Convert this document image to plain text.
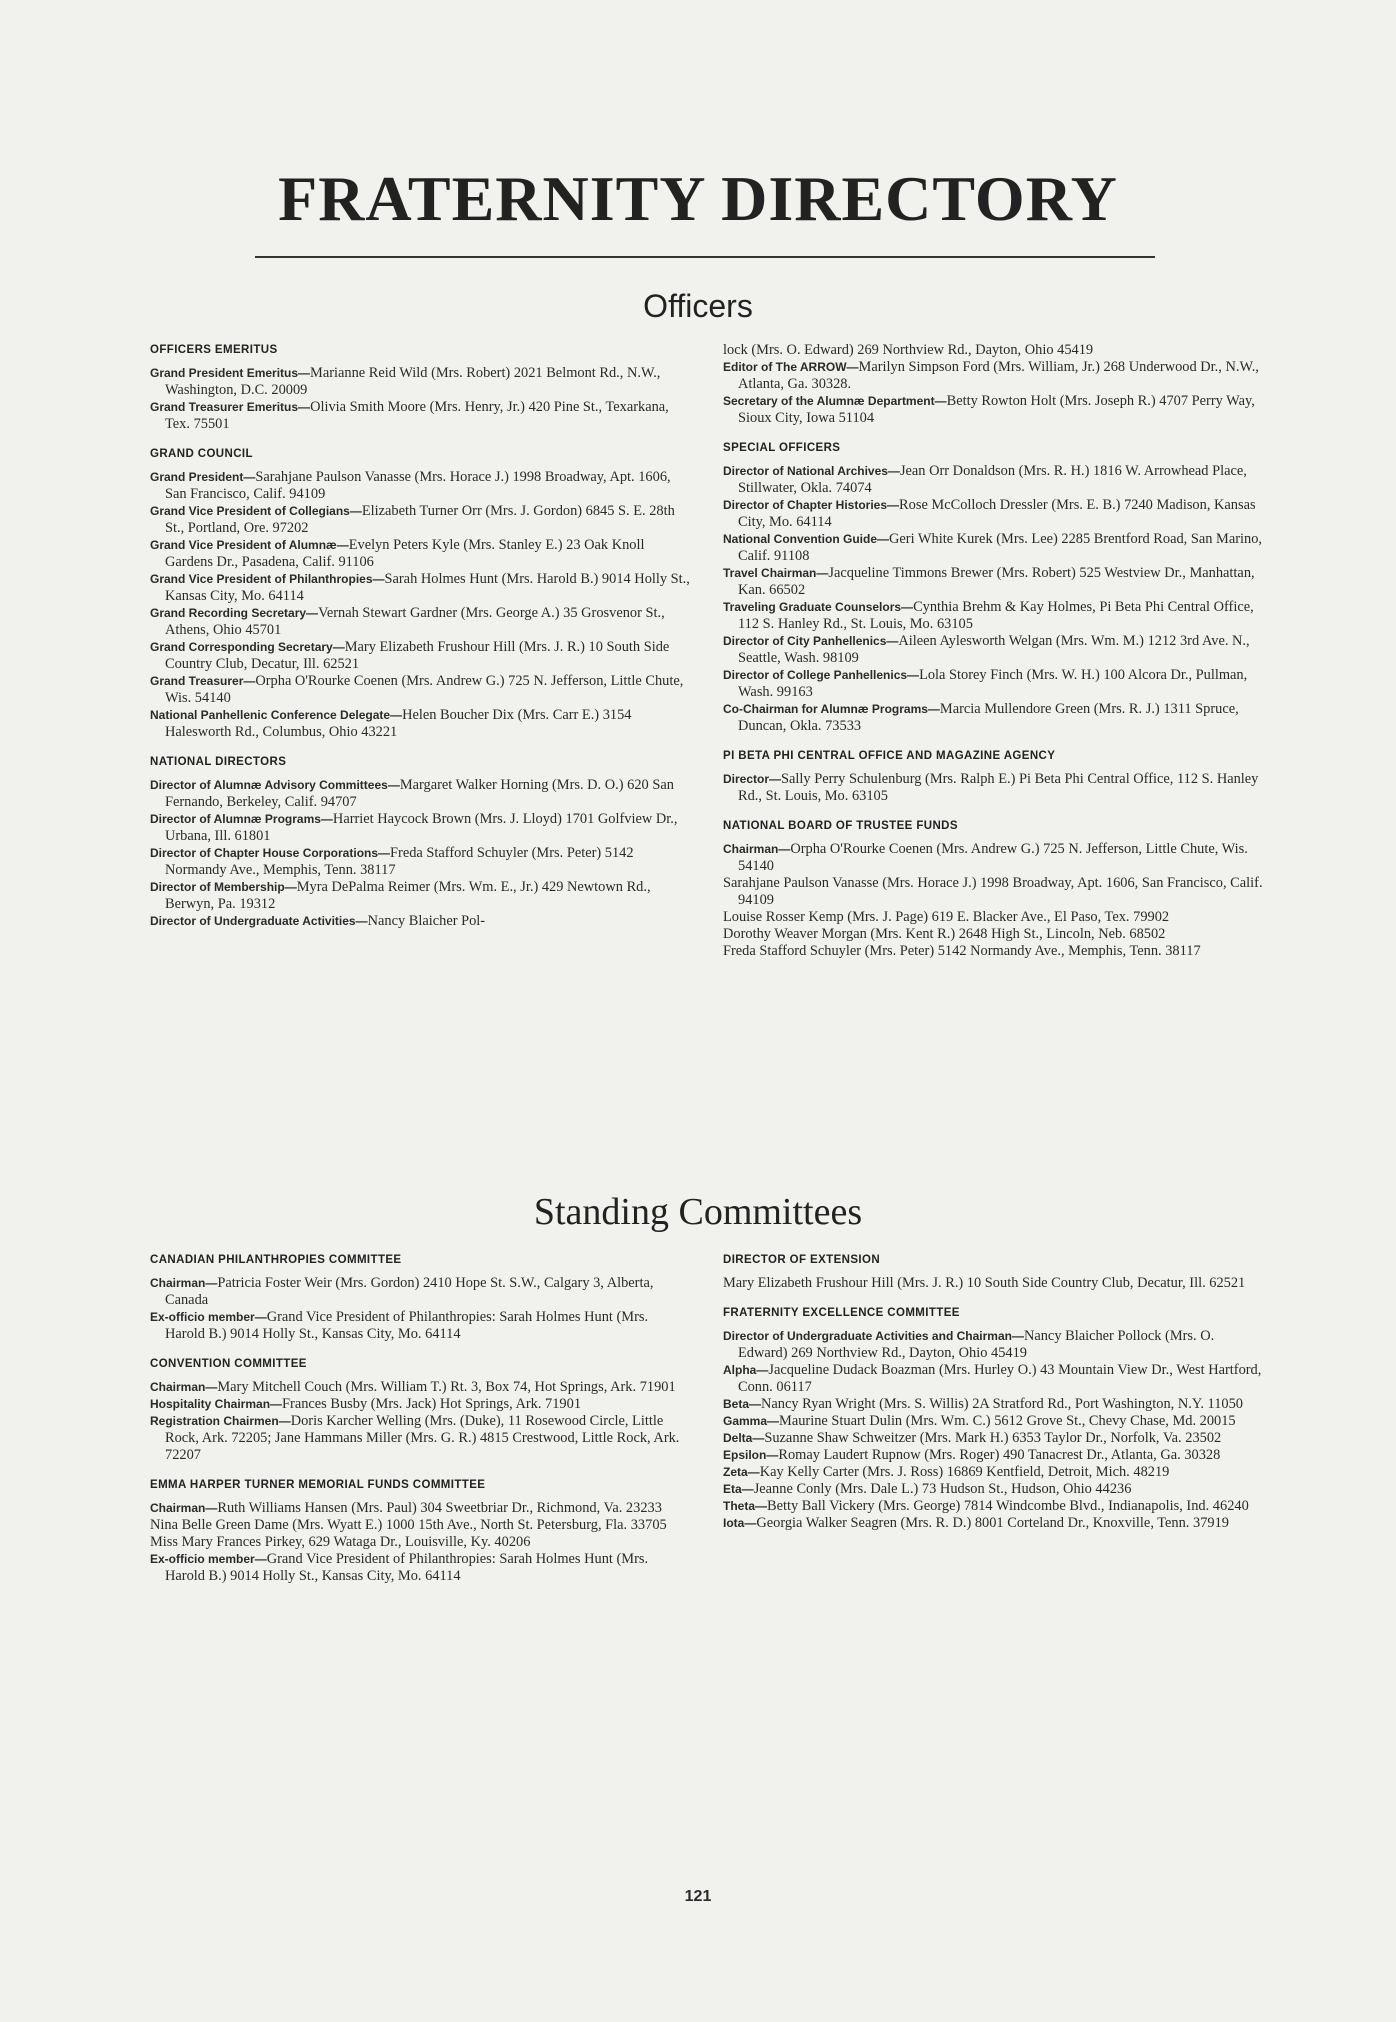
FRATERNITY DIRECTORY
Officers
OFFICERS EMERITUS

Grand President Emeritus—Marianne Reid Wild (Mrs. Robert) 2021 Belmont Rd., N.W., Washington, D.C. 20009

Grand Treasurer Emeritus—Olivia Smith Moore (Mrs. Henry, Jr.) 420 Pine St., Texarkana, Tex. 75501

GRAND COUNCIL

Grand President—Sarahjane Paulson Vanasse (Mrs. Horace J.) 1998 Broadway, Apt. 1606, San Francisco, Calif. 94109

Grand Vice President of Collegians—Elizabeth Turner Orr (Mrs. J. Gordon) 6845 S. E. 28th St., Portland, Ore. 97202

Grand Vice President of Alumnæ—Evelyn Peters Kyle (Mrs. Stanley E.) 23 Oak Knoll Gardens Dr., Pasadena, Calif. 91106

Grand Vice President of Philanthropies—Sarah Holmes Hunt (Mrs. Harold B.) 9014 Holly St., Kansas City, Mo. 64114

Grand Recording Secretary—Vernah Stewart Gardner (Mrs. George A.) 35 Grosvenor St., Athens, Ohio 45701

Grand Corresponding Secretary—Mary Elizabeth Frushour Hill (Mrs. J. R.) 10 South Side Country Club, Decatur, Ill. 62521

Grand Treasurer—Orpha O'Rourke Coenen (Mrs. Andrew G.) 725 N. Jefferson, Little Chute, Wis. 54140

National Panhellenic Conference Delegate—Helen Boucher Dix (Mrs. Carr E.) 3154 Halesworth Rd., Columbus, Ohio 43221

NATIONAL DIRECTORS

Director of Alumnæ Advisory Committees—Margaret Walker Horning (Mrs. D. O.) 620 San Fernando, Berkeley, Calif. 94707

Director of Alumnæ Programs—Harriet Haycock Brown (Mrs. J. Lloyd) 1701 Golfview Dr., Urbana, Ill. 61801

Director of Chapter House Corporations—Freda Stafford Schuyler (Mrs. Peter) 5142 Normandy Ave., Memphis, Tenn. 38117

Director of Membership—Myra DePalma Reimer (Mrs. Wm. E., Jr.) 429 Newtown Rd., Berwyn, Pa. 19312

Director of Undergraduate Activities—Nancy Blaicher Pol-

lock (Mrs. O. Edward) 269 Northview Rd., Dayton, Ohio 45419

Editor of The ARROW—Marilyn Simpson Ford (Mrs. William, Jr.) 268 Underwood Dr., N.W., Atlanta, Ga. 30328.

Secretary of the Alumnæ Department—Betty Rowton Holt (Mrs. Joseph R.) 4707 Perry Way, Sioux City, Iowa 51104

SPECIAL OFFICERS

Director of National Archives—Jean Orr Donaldson (Mrs. R. H.) 1816 W. Arrowhead Place, Stillwater, Okla. 74074

Director of Chapter Histories—Rose McColloch Dressler (Mrs. E. B.) 7240 Madison, Kansas City, Mo. 64114

National Convention Guide—Geri White Kurek (Mrs. Lee) 2285 Brentford Road, San Marino, Calif. 91108

Travel Chairman—Jacqueline Timmons Brewer (Mrs. Robert) 525 Westview Dr., Manhattan, Kan. 66502

Traveling Graduate Counselors—Cynthia Brehm & Kay Holmes, Pi Beta Phi Central Office, 112 S. Hanley Rd., St. Louis, Mo. 63105

Director of City Panhellenics—Aileen Aylesworth Welgan (Mrs. Wm. M.) 1212 3rd Ave. N., Seattle, Wash. 98109

Director of College Panhellenics—Lola Storey Finch (Mrs. W. H.) 100 Alcora Dr., Pullman, Wash. 99163

Co-Chairman for Alumnæ Programs—Marcia Mullendore Green (Mrs. R. J.) 1311 Spruce, Duncan, Okla. 73533

PI BETA PHI CENTRAL OFFICE AND MAGAZINE AGENCY

Director—Sally Perry Schulenburg (Mrs. Ralph E.) Pi Beta Phi Central Office, 112 S. Hanley Rd., St. Louis, Mo. 63105

NATIONAL BOARD OF TRUSTEE FUNDS

Chairman—Orpha O'Rourke Coenen (Mrs. Andrew G.) 725 N. Jefferson, Little Chute, Wis. 54140

Sarahjane Paulson Vanasse (Mrs. Horace J.) 1998 Broadway, Apt. 1606, San Francisco, Calif. 94109

Louise Rosser Kemp (Mrs. J. Page) 619 E. Blacker Ave., El Paso, Tex. 79902

Dorothy Weaver Morgan (Mrs. Kent R.) 2648 High St., Lincoln, Neb. 68502

Freda Stafford Schuyler (Mrs. Peter) 5142 Normandy Ave., Memphis, Tenn. 38117

Standing Committees
CANADIAN PHILANTHROPIES COMMITTEE

Chairman—Patricia Foster Weir (Mrs. Gordon) 2410 Hope St. S.W., Calgary 3, Alberta, Canada

Ex-officio member—Grand Vice President of Philanthropies: Sarah Holmes Hunt (Mrs. Harold B.) 9014 Holly St., Kansas City, Mo. 64114

CONVENTION COMMITTEE

Chairman—Mary Mitchell Couch (Mrs. William T.) Rt. 3, Box 74, Hot Springs, Ark. 71901

Hospitality Chairman—Frances Busby (Mrs. Jack) Hot Springs, Ark. 71901

Registration Chairmen—Doris Karcher Welling (Mrs. (Duke), 11 Rosewood Circle, Little Rock, Ark. 72205; Jane Hammans Miller (Mrs. G. R.) 4815 Crestwood, Little Rock, Ark. 72207

EMMA HARPER TURNER MEMORIAL FUNDS COMMITTEE

Chairman—Ruth Williams Hansen (Mrs. Paul) 304 Sweetbriar Dr., Richmond, Va. 23233

Nina Belle Green Dame (Mrs. Wyatt E.) 1000 15th Ave., North St. Petersburg, Fla. 33705

Miss Mary Frances Pirkey, 629 Wataga Dr., Louisville, Ky. 40206

Ex-officio member—Grand Vice President of Philanthropies: Sarah Holmes Hunt (Mrs. Harold B.) 9014 Holly St., Kansas City, Mo. 64114

DIRECTOR OF EXTENSION

Mary Elizabeth Frushour Hill (Mrs. J. R.) 10 South Side Country Club, Decatur, Ill. 62521

FRATERNITY EXCELLENCE COMMITTEE

Director of Undergraduate Activities and Chairman—Nancy Blaicher Pollock (Mrs. O. Edward) 269 Northview Rd., Dayton, Ohio 45419

Alpha—Jacqueline Dudack Boazman (Mrs. Hurley O.) 43 Mountain View Dr., West Hartford, Conn. 06117

Beta—Nancy Ryan Wright (Mrs. S. Willis) 2A Stratford Rd., Port Washington, N.Y. 11050

Gamma—Maurine Stuart Dulin (Mrs. Wm. C.) 5612 Grove St., Chevy Chase, Md. 20015

Delta—Suzanne Shaw Schweitzer (Mrs. Mark H.) 6353 Taylor Dr., Norfolk, Va. 23502

Epsilon—Romay Laudert Rupnow (Mrs. Roger) 490 Tanacrest Dr., Atlanta, Ga. 30328

Zeta—Kay Kelly Carter (Mrs. J. Ross) 16869 Kentfield, Detroit, Mich. 48219

Eta—Jeanne Conly (Mrs. Dale L.) 73 Hudson St., Hudson, Ohio 44236

Theta—Betty Ball Vickery (Mrs. George) 7814 Windcombe Blvd., Indianapolis, Ind. 46240

Iota—Georgia Walker Seagren (Mrs. R. D.) 8001 Corteland Dr., Knoxville, Tenn. 37919

121
